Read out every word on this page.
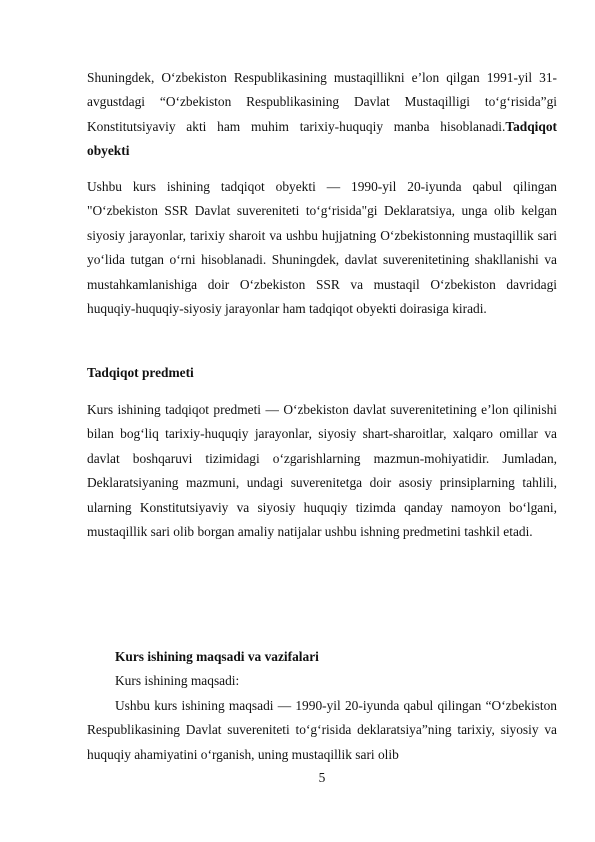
Shuningdek, O‘zbekiston Respublikasining mustaqillikni e’lon qilgan 1991-yil 31-avgustdagi “O‘zbekiston Respublikasining Davlat Mustaqilligi to‘g‘risida”gi Konstitutsiyaviy akti ham muhim tarixiy-huquqiy manba hisoblanadi.Tadqiqot obyekti

Ushbu kurs ishining tadqiqot obyekti — 1990-yil 20-iyunda qabul qilingan "O‘zbekiston SSR Davlat suvereniteti to‘g‘risida"gi Deklaratsiya, unga olib kelgan siyosiy jarayonlar, tarixiy sharoit va ushbu hujjatning O‘zbekistonning mustaqillik sari yo‘lida tutgan o‘rni hisoblanadi. Shuningdek, davlat suverenitetining shakllanishi va mustahkamlanishiga doir O‘zbekiston SSR va mustaqil O‘zbekiston davridagi huquqiy-huquqiy-siyosiy jarayonlar ham tadqiqot obyekti doirasiga kiradi.

Tadqiqot predmeti

Kurs ishining tadqiqot predmeti — O‘zbekiston davlat suverenitetining e’lon qilinishi bilan bog‘liq tarixiy-huquqiy jarayonlar, siyosiy shart-sharoitlar, xalqaro omillar va davlat boshqaruvi tizimidagi o‘zgarishlarning mazmun-mohiyatidir. Jumladan, Deklaratsiyaning mazmuni, undagi suverenitetga doir asosiy prinsiplarning tahlili, ularning Konstitutsiyaviy va siyosiy huquqiy tizimda qanday namoyon bo‘lgani, mustaqillik sari olib borgan amaliy natijalar ushbu ishning predmetini tashkil etadi.

Kurs ishining maqsadi va vazifalari

Kurs ishining maqsadi:

Ushbu kurs ishining maqsadi — 1990-yil 20-iyunda qabul qilingan “O‘zbekiston Respublikasining Davlat suvereniteti to‘g‘risida deklaratsiya”ning tarixiy, siyosiy va huquqiy ahamiyatini o‘rganish, uning mustaqillik sari olib

5
